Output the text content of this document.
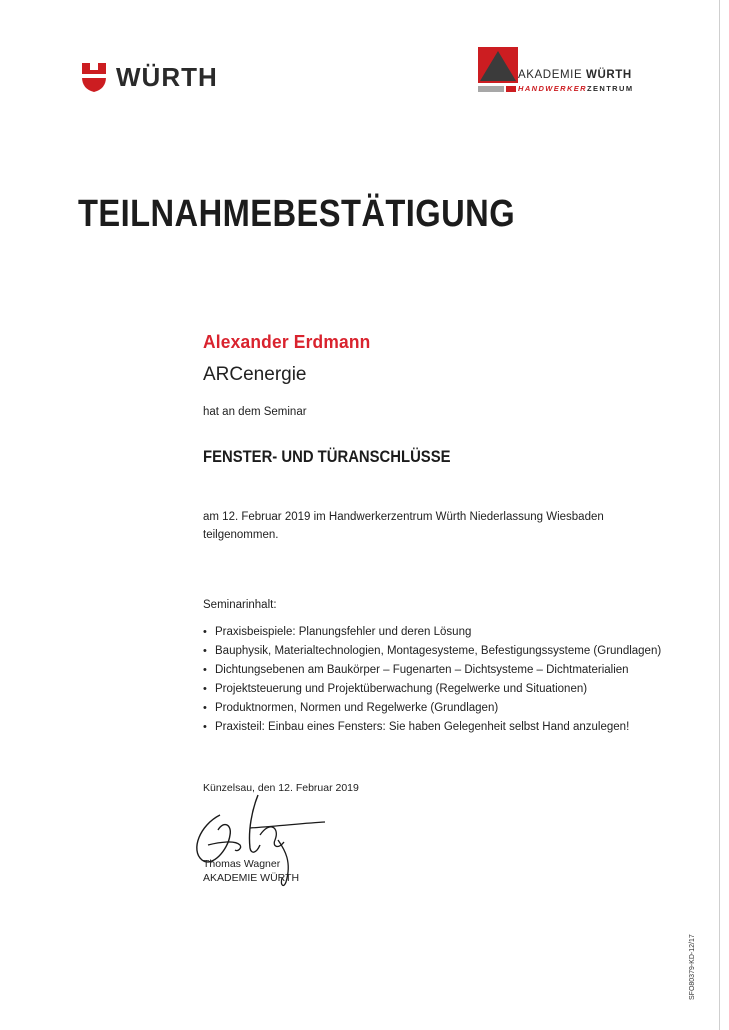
WÜRTH	AKADEMIE WÜRTH
HANDWERKERZENTRUM
TEILNAHMEBESTÄTIGUNG
Alexander Erdmann
ARCenergie
hat an dem Seminar
FENSTER- UND TÜRANSCHLÜSSE
am 12. Februar 2019 im Handwerkerzentrum Würth Niederlassung Wiesbaden
teilgenommen.
Seminarinhalt:
• Praxisbeispiele: Planungsfehler und deren Lösung
• Bauphysik, Materialtechnologien, Montagesysteme, Befestigungssysteme (Grundlagen)
• Dichtungsebenen am Baukörper – Fugenarten – Dichtsysteme – Dichtmaterialien
• Projektsteuerung und Projektüberwachung (Regelwerke und Situationen)
• Produktnormen, Normen und Regelwerke (Grundlagen)
• Praxisteil: Einbau eines Fensters: Sie haben Gelegenheit selbst Hand anzulegen!
Künzelsau, den 12. Februar 2019
Thomas Wagner
AKADEMIE WÜRTH
SFO80379-KD-12/17
